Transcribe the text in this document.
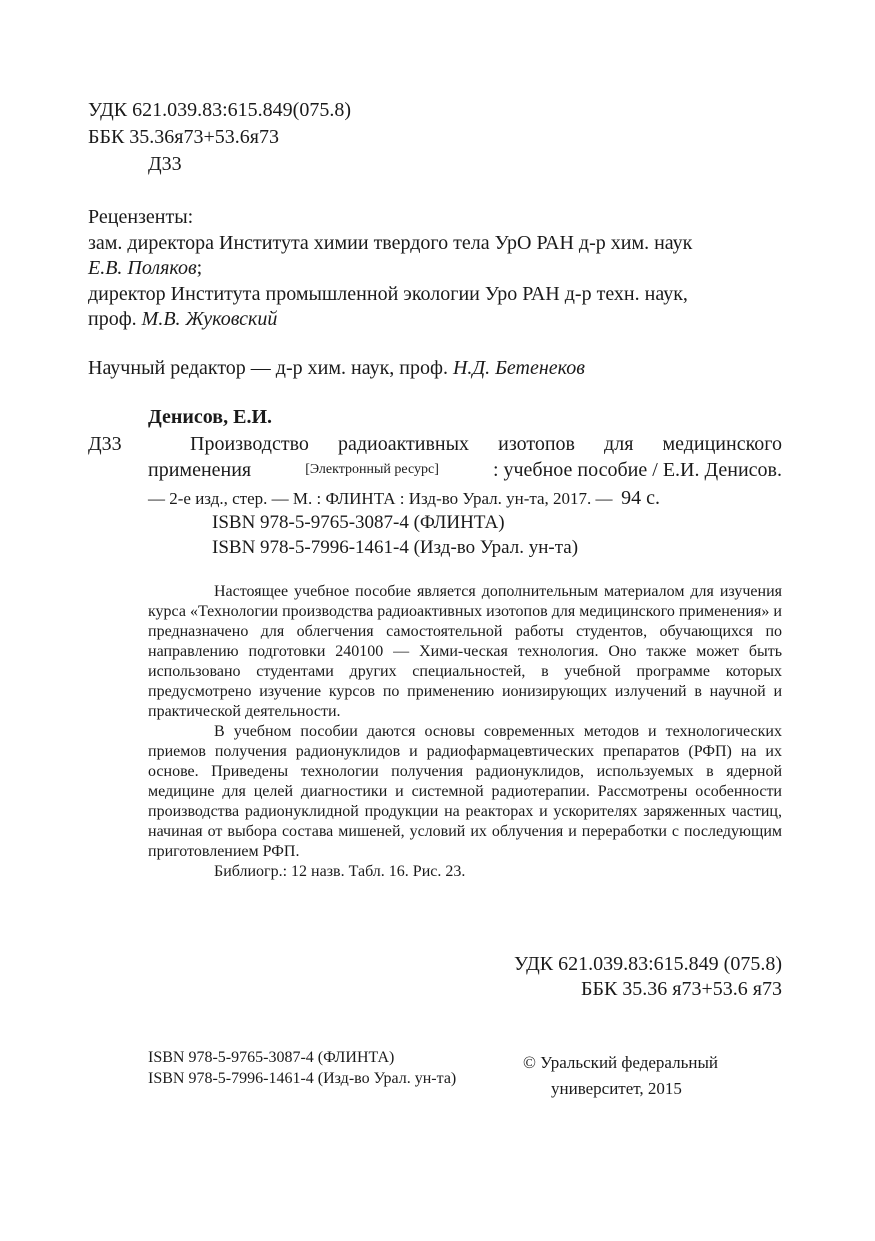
УДК 621.039.83:615.849(075.8)
ББК 35.36я73+53.6я73
Д33
Рецензенты:
зам. директора Института химии твердого тела УрО РАН д-р хим. наук
Е.В. Поляков;
директор Института промышленной экологии Уро РАН д-р техн. наук,
проф. М.В. Жуковский
Научный редактор — д-р хим. наук, проф. Н.Д. Бетенеков
Денисов, Е.И.
Д33	Производство радиоактивных изотопов для медицинского
применения	[Электронный ресурс]	: учебное пособие / Е.И. Денисов.
— 2-е изд., стер. — М. : ФЛИНТА : Изд-во Урал. ун-та, 2017. — 94 с.
ISBN 978-5-9765-3087-4 (ФЛИНТА)
ISBN 978-5-7996-1461-4 (Изд-во Урал. ун-та)

Настоящее учебное пособие является дополнительным материалом для изучения курса «Технологии производства радиоактивных изотопов для медицинского применения» и предназначено для облегчения самостоятельной работы студентов, обучающихся по направлению подготовки 240100 — Хими-ческая технология. Оно также может быть использовано студентами других специальностей, в учебной программе которых предусмотрено изучение курсов по применению ионизирующих излучений в научной и практической деятельности.

В учебном пособии даются основы современных методов и технологических приемов получения радионуклидов и радиофармацевтических препаратов (РФП) на их основе. Приведены технологии получения радионуклидов, используемых в ядерной медицине для целей диагностики и системной радиотерапии. Рассмотрены особенности производства радионуклидной продукции на реакторах и ускорителях заряженных частиц, начиная от выбора состава мишеней, условий их облучения и переработки с последующим приготовлением РФП.

Библиогр.: 12 назв. Табл. 16. Рис. 23.

УДК 621.039.83:615.849 (075.8)
ББК 35.36 я73+53.6 я73
ISBN 978-5-9765-3087-4 (ФЛИНТА)
ISBN 978-5-7996-1461-4 (Изд-во Урал. ун-та)
© Уральский федеральный
университет, 2015
